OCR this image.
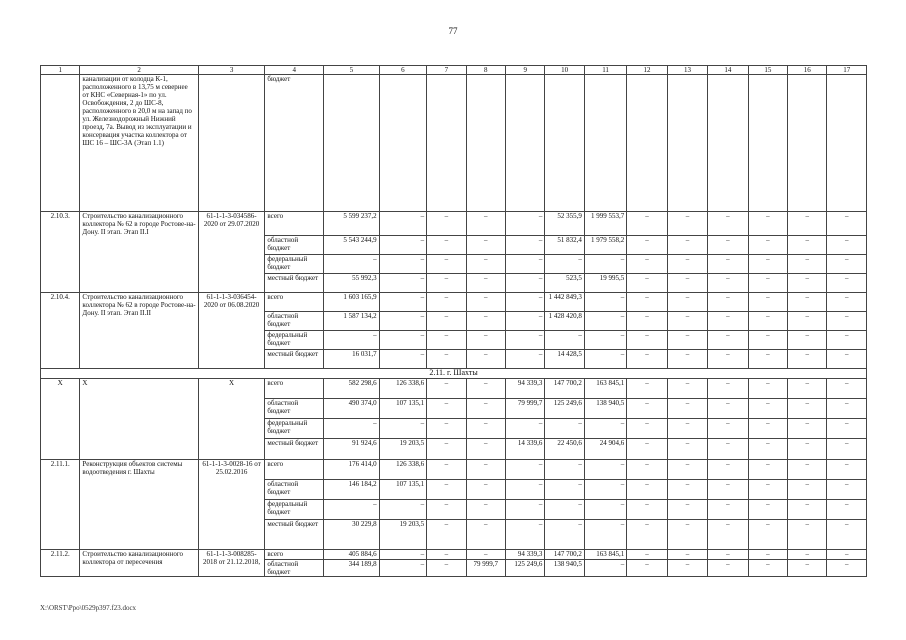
77
1	2	3	4	5	6	7	8	9	10	11	12	13	14	15	16	17
	канализации от колодца К-1, расположенного в 13,75 м севернее от КНС «Северная-1» по ул. Освобождения, 2 до ШС-8, расположенного в 20,0 м на запад по ул. Железнодорожный Нижний проезд, 7а. Вывод из эксплуатации и консервация участка коллектора от ШС 16 – ШС-3А (Этап 1.1)		бюджет													
2.10.3.	Строительство канализационного коллектора № 62 в городе Ростове-на-Дону. II этап. Этап II.I	61-1-1-3-034586-2020 от 29.07.2020	всего	5 599 237,2	–	–	–	–	52 355,9	1 999 553,7	–	–	–	–	–	–
			областной бюджет	5 543 244,9	–	–	–	–	51 832,4	1 979 558,2	–	–	–	–	–	–
			федеральный бюджет	–	–	–	–	–	–	–	–	–	–	–	–	–
			местный бюджет	55 992,3	–	–	–	–	523,5	19 995,5	–	–	–	–	–	–
2.10.4.	Строительство канализационного коллектора № 62 в городе Ростове-на-Дону. II этап. Этап II.II	61-1-1-3-036454-2020 от 06.08.2020	всего	1 603 165,9	–	–	–	–	1 442 849,3	–	–	–	–	–	–	–
			областной бюджет	1 587 134,2	–	–	–	–	1 428 420,8	–	–	–	–	–	–	–
			федеральный бюджет	–	–	–	–	–	–	–	–	–	–	–	–	–
			местный бюджет	16 031,7	–	–	–	–	14 428,5	–	–	–	–	–	–	–
2.11. г. Шахты																
Х	Х	Х	всего	582 298,6	126 338,6	–	–	94 339,3	147 700,2	163 845,1	–	–	–	–	–	–
			областной бюджет	490 374,0	107 135,1	–	–	79 999,7	125 249,6	138 940,5	–	–	–	–	–	–
			федеральный бюджет	–	–	–	–	–	–	–	–	–	–	–	–	–
			местный бюджет	91 924,6	19 203,5	–	–	14 339,6	22 450,6	24 904,6	–	–	–	–	–	–
2.11.1.	Реконструкция объектов системы водоотведения г. Шахты	61-1-1-3-0028-16 от 25.02.2016	всего	176 414,0	126 338,6	–	–	–	–	–	–	–	–	–	–	–
			областной бюджет	146 184,2	107 135,1	–	–	–	–	–	–	–	–	–	–	–
			федеральный бюджет	–	–	–	–	–	–	–	–	–	–	–	–	–
			местный бюджет	30 229,8	19 203,5	–	–	–	–	–	–	–	–	–	–	–
2.11.2.	Строительство канализационного коллектора от пересечения	61-1-1-3-008285-2018 от 21.12.2018,	всего	405 884,6	–	–	–	94 339,3	147 700,2	163 845,1	–	–	–	–	–	–
			областной бюджет	344 189,8	–	–	79 999,7	125 249,6	138 940,5	–	–	–	–	–	–	–
X:\ORST\Ppo\0529p397.f23.docx
